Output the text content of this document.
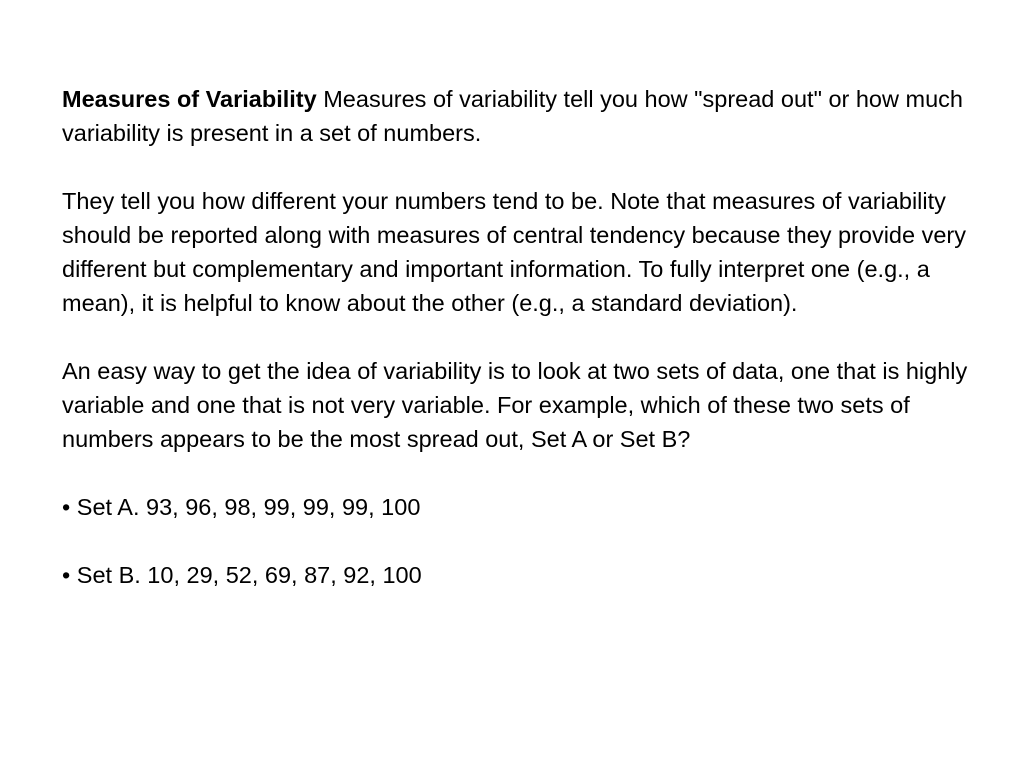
Measures of Variability Measures of variability tell you how "spread out" or how much variability is present in a set of numbers.

They tell you how different your numbers tend to be. Note that measures of variability should be reported along with measures of central tendency because they provide very different but complementary and important information. To fully interpret one (e.g., a mean), it is helpful to know about the other (e.g., a standard deviation).

An easy way to get the idea of variability is to look at two sets of data, one that is highly variable and one that is not very variable. For example, which of these two sets of numbers appears to be the most spread out, Set A or Set B?

• Set A. 93, 96, 98, 99, 99, 99, 100
• Set B. 10, 29, 52, 69, 87, 92, 100
